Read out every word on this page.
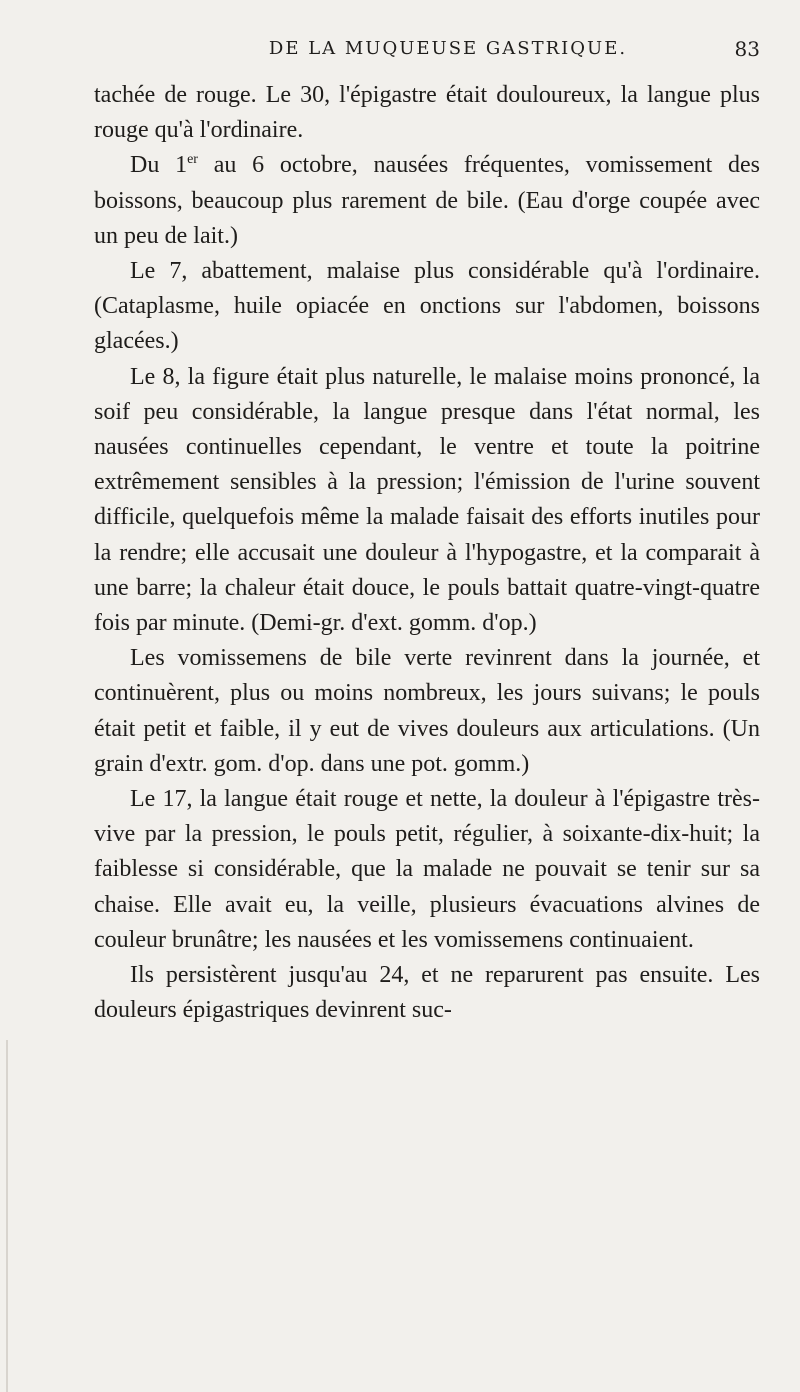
DE LA MUQUEUSE GASTRIQUE.	83

tachée de rouge. Le 30, l'épigastre était douloureux, la langue plus rouge qu'à l'ordinaire.

Du 1er au 6 octobre, nausées fréquentes, vomissement des boissons, beaucoup plus rarement de bile. (Eau d'orge coupée avec un peu de lait.)

Le 7, abattement, malaise plus considérable qu'à l'ordinaire. (Cataplasme, huile opiacée en onctions sur l'abdomen, boissons glacées.)

Le 8, la figure était plus naturelle, le malaise moins prononcé, la soif peu considérable, la langue presque dans l'état normal, les nausées continuelles cependant, le ventre et toute la poitrine extrêmement sensibles à la pression; l'émission de l'urine souvent difficile, quelquefois même la malade faisait des efforts inutiles pour la rendre; elle accusait une douleur à l'hypogastre, et la comparait à une barre; la chaleur était douce, le pouls battait quatre-vingt-quatre fois par minute. (Demi-gr. d'ext. gomm. d'op.)

Les vomissemens de bile verte revinrent dans la journée, et continuèrent, plus ou moins nombreux, les jours suivans; le pouls était petit et faible, il y eut de vives douleurs aux articulations. (Un grain d'extr. gom. d'op. dans une pot. gomm.)

Le 17, la langue était rouge et nette, la douleur à l'épigastre très-vive par la pression, le pouls petit, régulier, à soixante-dix-huit; la faiblesse si considérable, que la malade ne pouvait se tenir sur sa chaise. Elle avait eu, la veille, plusieurs évacuations alvines de couleur brunâtre; les nausées et les vomissemens continuaient.

Ils persistèrent jusqu'au 24, et ne reparurent pas ensuite. Les douleurs épigastriques devinrent suc-
